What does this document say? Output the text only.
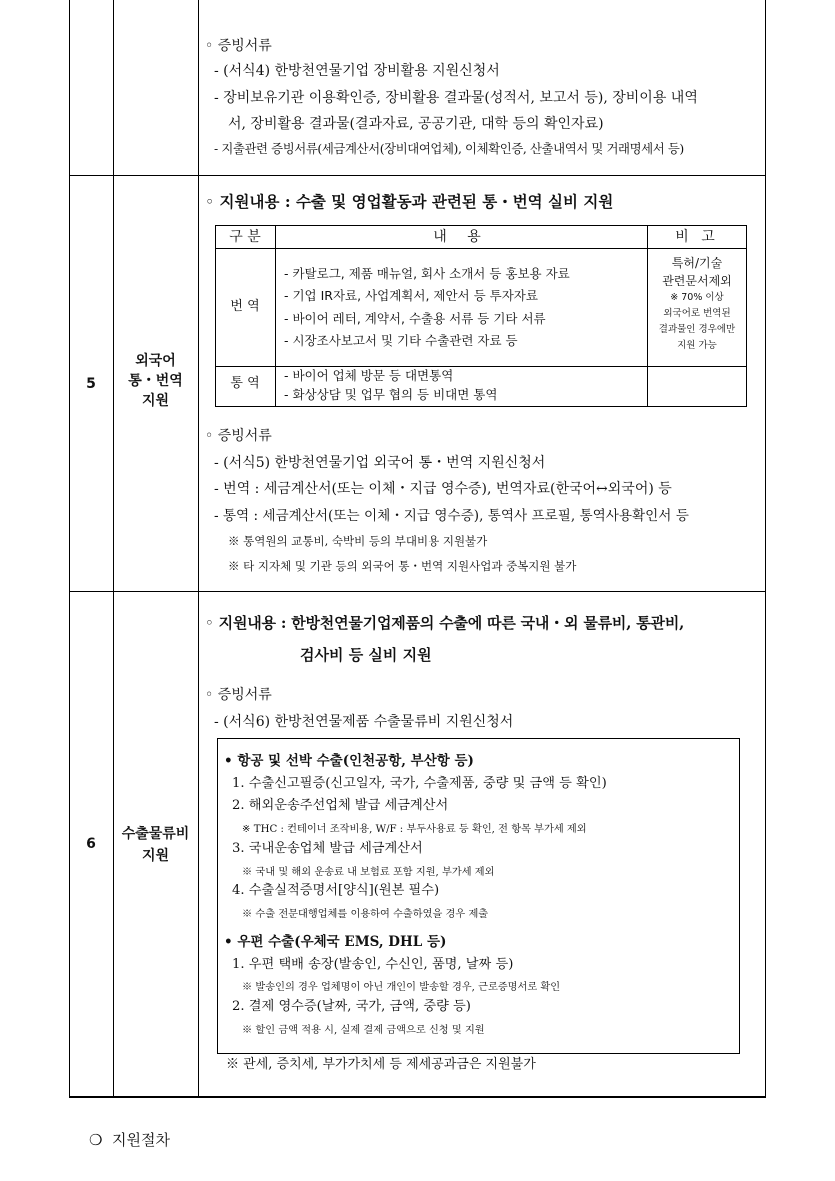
◦ 증빙서류
- (서식4) 한방천연물기업 장비활용 지원신청서
- 장비보유기관 이용확인증, 장비활용 결과물(성적서, 보고서 등), 장비이용 내역
서, 장비활용 결과물(결과자료, 공공기관, 대학 등의 확인자료)
- 지출관련 증빙서류(세금계산서(장비대여업체), 이체확인증, 산출내역서 및 거래명세서 등)
5
외국어
통・번역
지원
◦ 지원내용 : 수출 및 영업활동과 관련된 통・번역 실비 지원
구 분	내 용	비 고
번 역
- 카탈로그, 제품 매뉴얼, 회사 소개서 등 홍보용 자료
- 기업 IR자료, 사업계획서, 제안서 등 투자자료
- 바이어 레터, 계약서, 수출용 서류 등 기타 서류
- 시장조사보고서 및 기타 수출관련 자료 등
특허/기술
관련문서제외
※ 70% 이상
외국어로 번역된
결과물인 경우에만
지원 가능
통 역
- 바이어 업체 방문 등 대면통역
- 화상상담 및 업무 협의 등 비대면 통역
◦ 증빙서류
- (서식5) 한방천연물기업 외국어 통・번역 지원신청서
- 번역 : 세금계산서(또는 이체・지급 영수증), 번역자료(한국어↔외국어) 등
- 통역 : 세금계산서(또는 이체・지급 영수증), 통역사 프로필, 통역사용확인서 등
※ 통역원의 교통비, 숙박비 등의 부대비용 지원불가
※ 타 지자체 및 기관 등의 외국어 통・번역 지원사업과 중복지원 불가
6
수출물류비
지원
◦ 지원내용 : 한방천연물기업제품의 수출에 따른 국내・외 물류비, 통관비,
검사비 등 실비 지원
◦ 증빙서류
- (서식6) 한방천연물제품 수출물류비 지원신청서
• 항공 및 선박 수출(인천공항, 부산항 등)
1. 수출신고필증(신고일자, 국가, 수출제품, 중량 및 금액 등 확인)
2. 해외운송주선업체 발급 세금계산서
※ THC : 컨테이너 조작비용, W/F : 부두사용료 등 확인, 전 항목 부가세 제외
3. 국내운송업체 발급 세금계산서
※ 국내 및 해외 운송료 내 보험료 포함 지원, 부가세 제외
4. 수출실적증명서[양식](원본 필수)
※ 수출 전문대행업체를 이용하여 수출하였을 경우 제출
• 우편 수출(우체국 EMS, DHL 등)
1. 우편 택배 송장(발송인, 수신인, 품명, 날짜 등)
※ 발송인의 경우 업체명이 아닌 개인이 발송할 경우, 근로증명서로 확인
2. 결제 영수증(날짜, 국가, 금액, 중량 등)
※ 할인 금액 적용 시, 실제 결제 금액으로 신청 및 지원
※ 관세, 증치세, 부가가치세 등 제세공과금은 지원불가
❍ 지원절차
